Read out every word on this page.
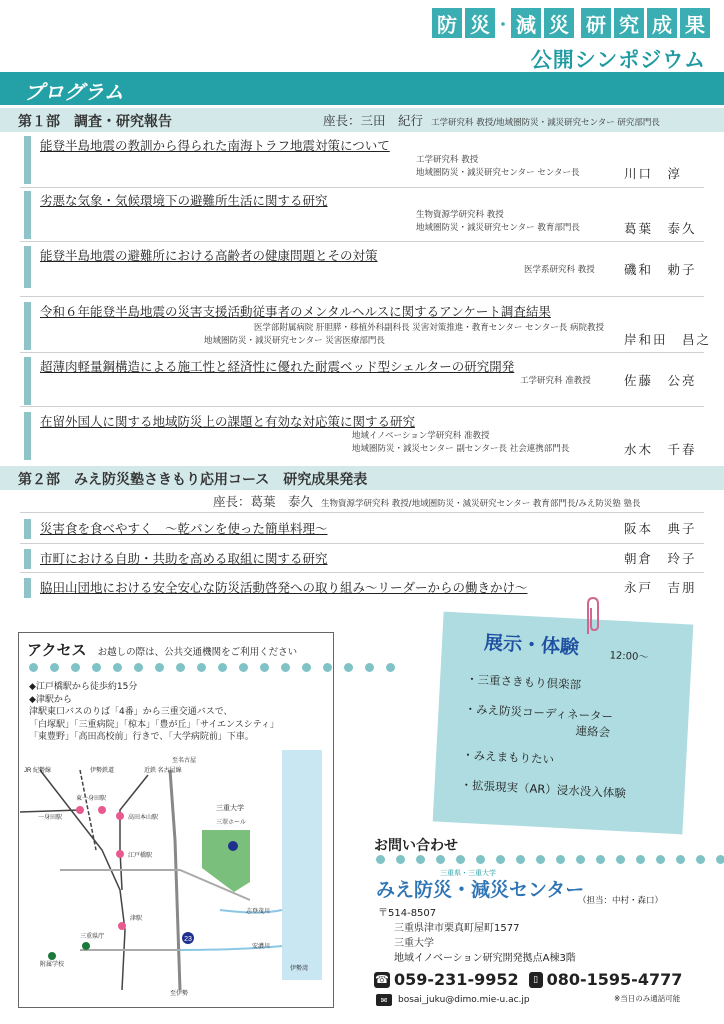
防 災 ・ 減 災 研 究 成 果
公開シンポジウム
プログラム
第１部　調査・研究報告	座長：三田　紀行 工学研究科 教授/地域圏防災・減災研究センター 研究部門長
能登半島地震の教訓から得られた南海トラフ地震対策について
工学研究科 教授
地域圏防災・減災研究センター センター長	川口　淳
劣悪な気象・気候環境下の避難所生活に関する研究
生物資源学研究科 教授
地域圏防災・減災研究センター 教育部門長	葛葉　泰久
能登半島地震の避難所における高齢者の健康問題とその対策
医学系研究科 教授 磯和　勅子
令和６年能登半島地震の災害支援活動従事者のメンタルヘルスに関するアンケート調査結果
医学部附属病院 肝胆膵・移植外科副科長 災害対策推進・教育センター センター長 病院教授
地域圏防災・減災研究センター 災害医療部門長	岸和田　昌之
超薄肉軽量鋼構造による施工性と経済性に優れた耐震ベッド型シェルターの研究開発
工学研究科 准教授	佐藤　公亮
在留外国人に関する地域防災上の課題と有効な対応策に関する研究
地域イノベーション学研究科 准教授
地域圏防災・減災センター 副センター長 社会連携部門長	水木　千春
第２部　みえ防災塾さきもり応用コース　研究成果発表
座長：葛葉　泰久 生物資源学研究科 教授/地域圏防災・減災研究センター 教育部門長/みえ防災塾 塾長
災害食を食べやすく　～乾パンを使った簡単料理～	阪本　典子
市町における自助・共助を高める取組に関する研究	朝倉　玲子
脇田山団地における安全安心な防災活動啓発への取り組み～リーダーからの働きかけ～	永戸　吉朋
アクセス お越しの際は、公共交通機関をご利用ください
◆江戸橋駅から徒歩約15分
◆津駅から
津駅東口バスのりば「4番」から三重交通バスで、
「白塚駅」「三重病院」「椋本」「豊が丘」「サイエンスシティ」
「東豊野」「高田高校前」行きで、「大学病院前」下車。
23
至名古屋
JR 紀勢線	伊勢鉄道	近鉄 名古屋線
東一身田駅
一身田駅	高田本山駅
江戸橋駅
津駅
三重大学
三翠ホール
三重県庁
附属学校
志登茂川
安濃川
伊勢湾
至伊勢
展示・体験	12:00～
・三重さきもり倶楽部
・みえ防災コーディネーター
連絡会
・みえまもりたい
・拡張現実（AR）浸水没入体験
お問い合わせ
三重県・三重大学
みえ防災・減災センター
（担当：中村・森口）
〒514-8507
三重県津市栗真町屋町1577
三重大学
地域イノベーション研究開発拠点A棟3階
☎ 059-231-9952	▯ 080-1595-4777
✉	bosai_juku@dimo.mie-u.ac.jp	※当日のみ通話可能
